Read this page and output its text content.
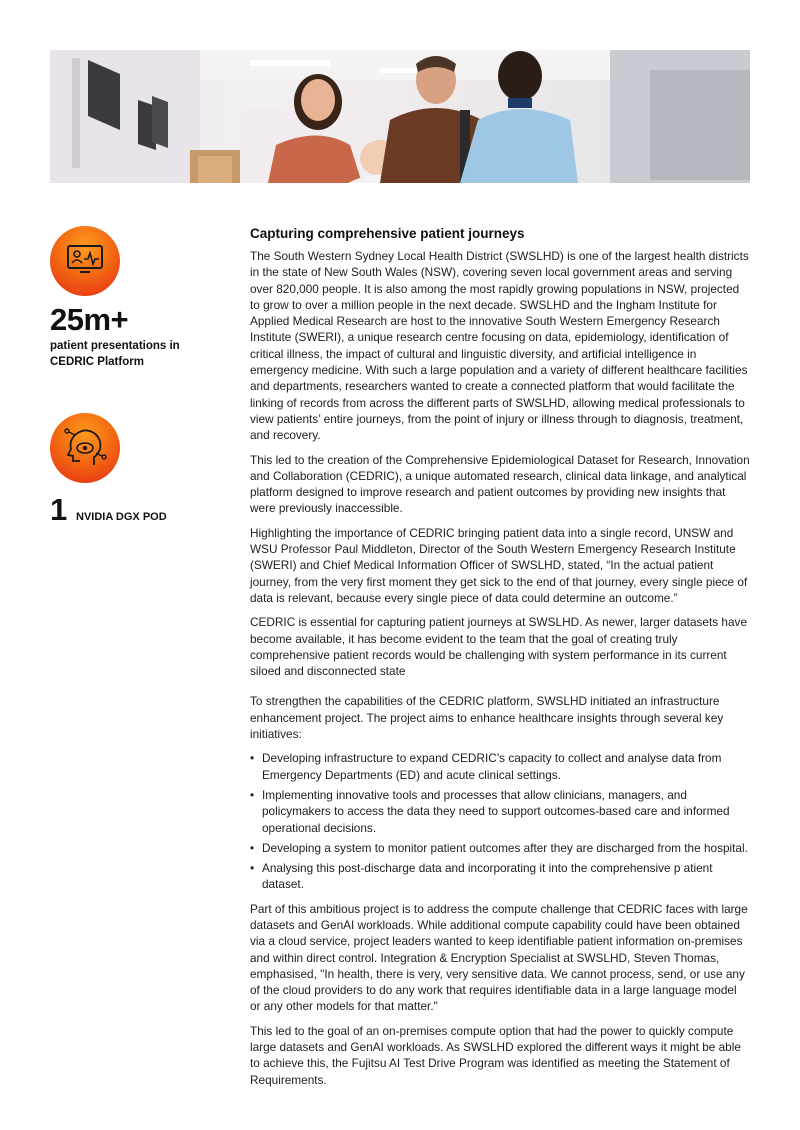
25m+
patient presentations in CEDRIC Platform
1 NVIDIA DGX POD
Capturing comprehensive patient journeys

The South Western Sydney Local Health District (SWSLHD) is one of the largest health districts in the state of New South Wales (NSW), covering seven local government areas and serving over 820,000 people. It is also among the most rapidly growing populations in NSW, projected to grow to over a million people in the next decade. SWSLHD and the Ingham Institute for Applied Medical Research are host to the innovative South Western Emergency Research Institute (SWERI), a unique research centre focusing on data, epidemiology, identification of critical illness, the impact of cultural and linguistic diversity, and artificial intelligence in emergency medicine. With such a large population and a variety of different healthcare facilities and departments, researchers wanted to create a connected platform that would facilitate the linking of records from across the different parts of SWSLHD, allowing medical professionals to view patients’ entire journeys, from the point of injury or illness through to diagnosis, treatment, and recovery.

This led to the creation of the Comprehensive Epidemiological Dataset for Research, Innovation and Collaboration (CEDRIC), a unique automated research, clinical data linkage, and analytical platform designed to improve research and patient outcomes by providing new insights that were previously inaccessible.

Highlighting the importance of CEDRIC bringing patient data into a single record, UNSW and WSU Professor Paul Middleton, Director of the South Western Emergency Research Institute (SWERI) and Chief Medical Information Officer of SWSLHD, stated, “In the actual patient journey, from the very first moment they get sick to the end of that journey, every single piece of data is relevant, because every single piece of data could determine an outcome.”

CEDRIC is essential for capturing patient journeys at SWSLHD. As newer, larger datasets have become available, it has become evident to the team that the goal of creating truly comprehensive patient records would be challenging with system performance in its current siloed and disconnected state

To strengthen the capabilities of the CEDRIC platform, SWSLHD initiated an infrastructure enhancement project. The project aims to enhance healthcare insights through several key initiatives:

• Developing infrastructure to expand CEDRIC’s capacity to collect and analyse data from Emergency Departments (ED) and acute clinical settings.
• Implementing innovative tools and processes that allow clinicians, managers, and policymakers to access the data they need to support outcomes-based care and informed operational decisions.
• Developing a system to monitor patient outcomes after they are discharged from the hospital.
• Analysing this post-discharge data and incorporating it into the comprehensive p atient dataset.

Part of this ambitious project is to address the compute challenge that CEDRIC faces with large datasets and GenAI workloads. While additional compute capability could have been obtained via a cloud service, project leaders wanted to keep identifiable patient information on-premises and within direct control. Integration & Encryption Specialist at SWSLHD, Steven Thomas, emphasised, "In health, there is very, very sensitive data. We cannot process, send, or use any of the cloud providers to do any work that requires identifiable data in a large language model or any other models for that matter."

This led to the goal of an on-premises compute option that had the power to quickly compute large datasets and GenAI workloads. As SWSLHD explored the different ways it might be able to achieve this, the Fujitsu AI Test Drive Program was identified as meeting the Statement of Requirements.
